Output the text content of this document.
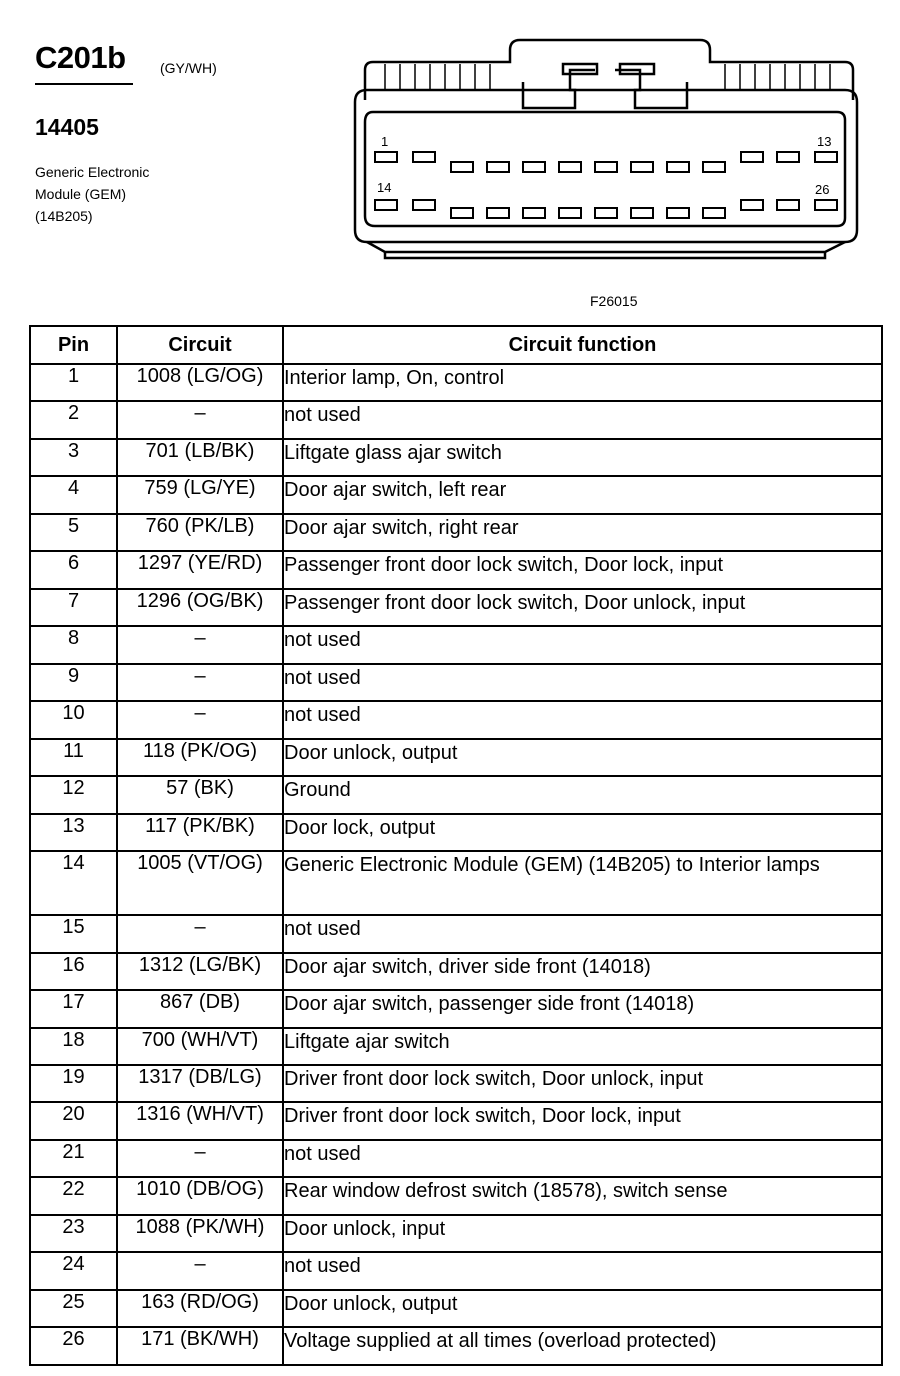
C201b (GY/WH)
14405
Generic Electronic
Module (GEM)
(14B205)
1	13
14	26
F26015
Pin	Circuit	Circuit function
1	1008 (LG/OG)	Interior lamp, On, control
2	–	not used
3	701 (LB/BK)	Liftgate glass ajar switch
4	759 (LG/YE)	Door ajar switch, left rear
5	760 (PK/LB)	Door ajar switch, right rear
6	1297 (YE/RD)	Passenger front door lock switch, Door lock, input
7	1296 (OG/BK)	Passenger front door lock switch, Door unlock, input
8	–	not used
9	–	not used
10	–	not used
11	118 (PK/OG)	Door unlock, output
12	57 (BK)	Ground
13	117 (PK/BK)	Door lock, output
14	1005 (VT/OG)	Generic Electronic Module (GEM) (14B205) to Interior lamps
15	–	not used
16	1312 (LG/BK)	Door ajar switch, driver side front (14018)
17	867 (DB)	Door ajar switch, passenger side front (14018)
18	700 (WH/VT)	Liftgate ajar switch
19	1317 (DB/LG)	Driver front door lock switch, Door unlock, input
20	1316 (WH/VT)	Driver front door lock switch, Door lock, input
21	–	not used
22	1010 (DB/OG)	Rear window defrost switch (18578), switch sense
23	1088 (PK/WH)	Door unlock, input
24	–	not used
25	163 (RD/OG)	Door unlock, output
26	171 (BK/WH)	Voltage supplied at all times (overload protected)
